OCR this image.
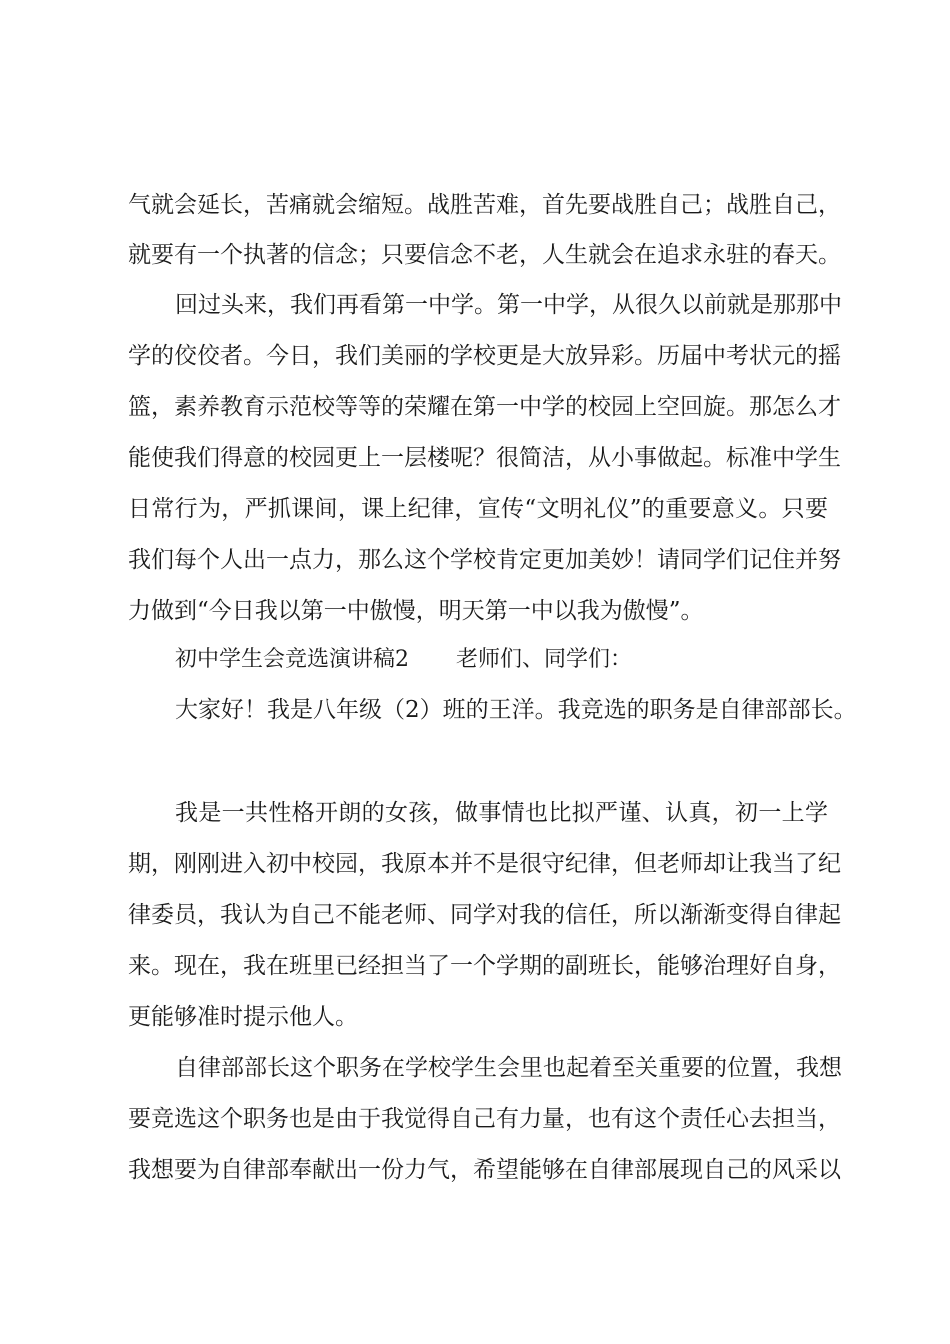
气就会延长，苦痛就会缩短。战胜苦难，首先要战胜自己；战胜自己，
就要有一个执著的信念；只要信念不老，人生就会在追求永驻的春天。
回过头来，我们再看第一中学。第一中学，从很久以前就是那那中
学的佼佼者。今日，我们美丽的学校更是大放异彩。历届中考状元的摇
篮，素养教育示范校等等的荣耀在第一中学的校园上空回旋。那怎么才
能使我们得意的校园更上一层楼呢？很简洁，从小事做起。标准中学生
日常行为，严抓课间，课上纪律，宣传“文明礼仪”的重要意义。只要
我们每个人出一点力，那么这个学校肯定更加美妙！请同学们记住并努
力做到“今日我以第一中傲慢，明天第一中以我为傲慢”。
初中学生会竞选演讲稿2 老师们、同学们：
大家好！我是八年级（2）班的王洋。我竞选的职务是自律部部长。
我是一共性格开朗的女孩，做事情也比拟严谨、认真，初一上学
期，刚刚进入初中校园，我原本并不是很守纪律，但老师却让我当了纪
律委员，我认为自己不能老师、同学对我的信任，所以渐渐变得自律起
来。现在，我在班里已经担当了一个学期的副班长，能够治理好自身，
更能够准时提示他人。
自律部部长这个职务在学校学生会里也起着至关重要的位置，我想
要竞选这个职务也是由于我觉得自己有力量，也有这个责任心去担当，
我想要为自律部奉献出一份力气，希望能够在自律部展现自己的风采以
